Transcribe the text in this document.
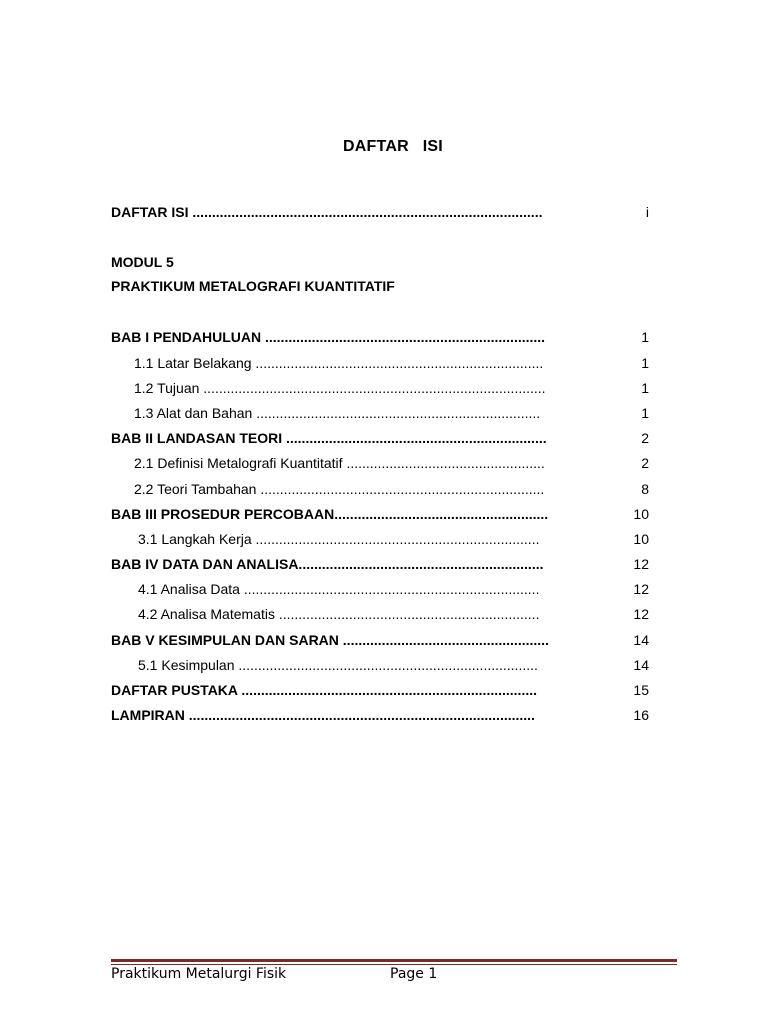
DAFTAR   ISI
DAFTAR ISI ..........................................................................................	i
MODUL 5
PRAKTIKUM METALOGRAFI KUANTITATIF
BAB I PENDAHULUAN ........................................................................	1
1.1 Latar Belakang ..........................................................................	1
1.2 Tujuan ........................................................................................	1
1.3 Alat dan Bahan .........................................................................	1
BAB II LANDASAN TEORI ...................................................................	2
2.1 Definisi Metalografi Kuantitatif ...................................................	2
2.2 Teori Tambahan .........................................................................	8
BAB III PROSEDUR PERCOBAAN.......................................................	10
3.1 Langkah Kerja .........................................................................	10
BAB IV DATA DAN ANALISA...............................................................	12
4.1 Analisa Data ............................................................................	12
4.2 Analisa Matematis ...................................................................	12
BAB V KESIMPULAN DAN SARAN .....................................................	14
5.1 Kesimpulan .............................................................................	14
DAFTAR PUSTAKA ............................................................................	15
LAMPIRAN .........................................................................................	16
Praktikum Metalurgi Fisik	Page 1
